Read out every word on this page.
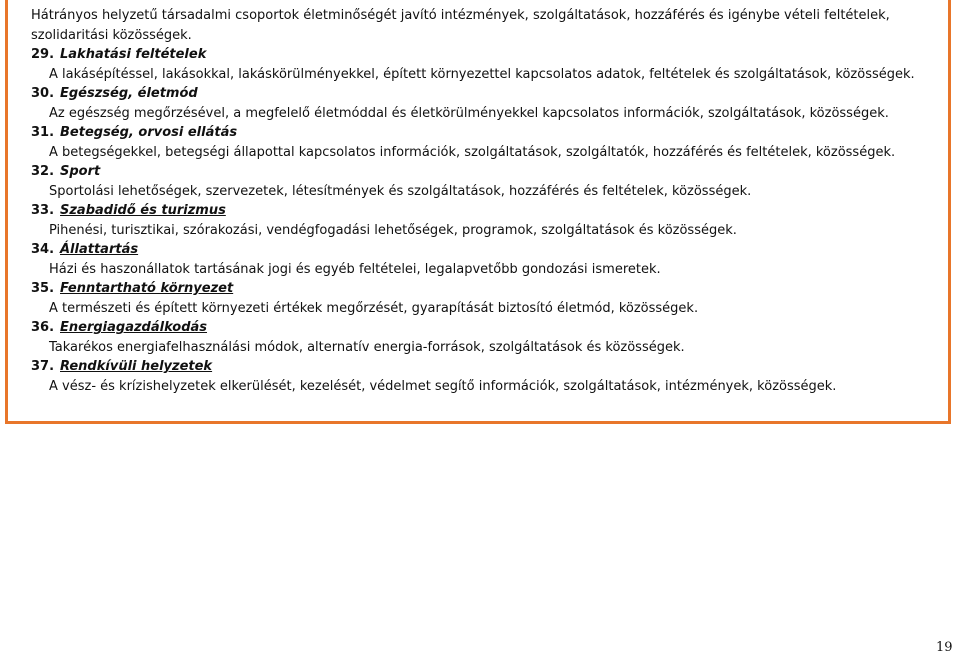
Hátrányos helyzetű társadalmi csoportok életminőségét javító intézmények, szolgáltatások, hozzáférés és igénybe vételi feltételek,

szolidaritási közösségek.

29. Lakhatási feltételek
A lakásépítéssel, lakásokkal, lakáskörülményekkel, épített környezettel kapcsolatos adatok, feltételek és szolgáltatások, közösségek.
30. Egészség, életmód
Az egészség megőrzésével, a megfelelő életmóddal és életkörülményekkel kapcsolatos információk, szolgáltatások, közösségek.
31. Betegség, orvosi ellátás
A betegségekkel, betegségi állapottal kapcsolatos információk, szolgáltatások, szolgáltatók, hozzáférés és feltételek, közösségek.
32. Sport
Sportolási lehetőségek, szervezetek, létesítmények és szolgáltatások, hozzáférés és feltételek, közösségek.
33. Szabadidő és turizmus
Pihenési, turisztikai, szórakozási, vendégfogadási lehetőségek, programok, szolgáltatások és közösségek.
34. Állattartás
Házi és haszonállatok tartásának jogi és egyéb feltételei, legalapvetőbb gondozási ismeretek.
35. Fenntartható környezet
A természeti és épített környezeti értékek megőrzését, gyarapítását biztosító életmód, közösségek.
36. Energiagazdálkodás
Takarékos energiafelhasználási módok, alternatív energia-források, szolgáltatások és közösségek.
37. Rendkívüli helyzetek
A vész- és krízishelyzetek elkerülését, kezelését, védelmet segítő információk, szolgáltatások, intézmények, közösségek.
19
